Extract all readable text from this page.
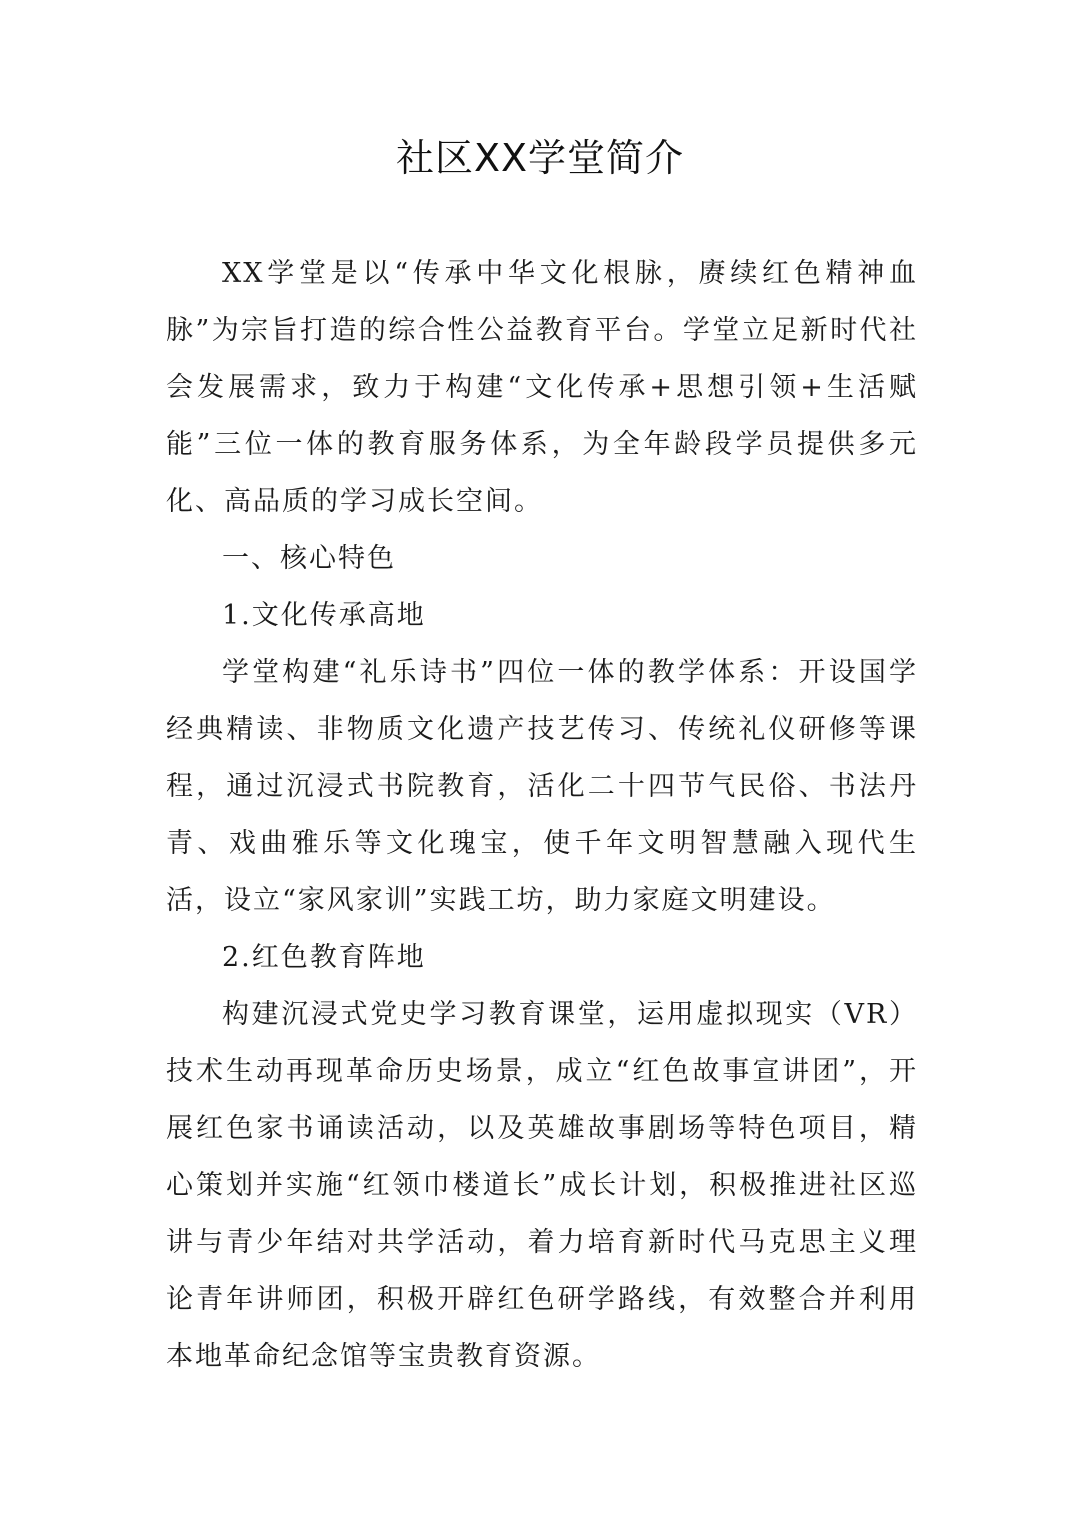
社区XX学堂简介

XX学堂是以“传承中华文化根脉，赓续红色精神血脉”为宗旨打造的综合性公益教育平台。学堂立足新时代社会发展需求，致力于构建“文化传承+思想引领+生活赋能”三位一体的教育服务体系，为全年龄段学员提供多元化、高品质的学习成长空间。

一、核心特色

1.文化传承高地

学堂构建“礼乐诗书”四位一体的教学体系：开设国学经典精读、非物质文化遗产技艺传习、传统礼仪研修等课程，通过沉浸式书院教育，活化二十四节气民俗、书法丹青、戏曲雅乐等文化瑰宝，使千年文明智慧融入现代生活，设立“家风家训”实践工坊，助力家庭文明建设。

2.红色教育阵地

构建沉浸式党史学习教育课堂，运用虚拟现实（VR）技术生动再现革命历史场景，成立“红色故事宣讲团”，开展红色家书诵读活动，以及英雄故事剧场等特色项目，精心策划并实施“红领巾楼道长”成长计划，积极推进社区巡讲与青少年结对共学活动，着力培育新时代马克思主义理论青年讲师团，积极开辟红色研学路线，有效整合并利用本地革命纪念馆等宝贵教育资源。
